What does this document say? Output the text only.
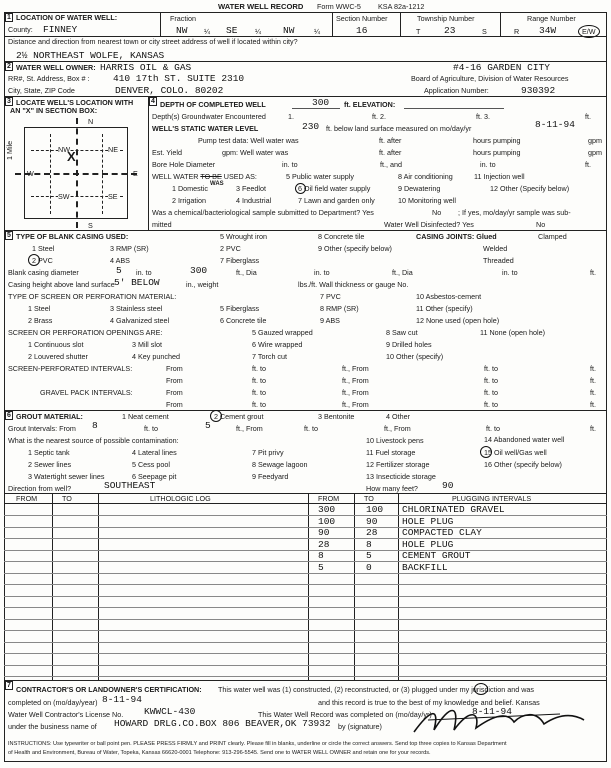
WATER WELL RECORD Form WWC-5 KSA 82a-1212
1 LOCATION OF WATER WELL:
County: FINNEY
Fraction
NW ¼ SE ¼ NW	¼
Section Number
16
Township Number
T 23	S
Range Number
R 34W	E/W
Distance and direction from nearest town or city street address of well if located within city?
2½ NORTHEAST WOLFE, KANSAS
2 WATER WELL OWNER: HARRIS OIL & GAS	#4-16 GARDEN CITY
RR#, St. Address, Box # : 410 17th ST. SUITE 2310	Board of Agriculture, Division of Water Resources
City, State, ZIP Code	DENVER, COLO. 80202	Application Number:	930392
3 LOCATE WELL'S LOCATION WITH
AN "X" IN SECTION BOX:
N
S
W	E
NW	NE
SW	SE
X
1 Mile
4 DEPTH OF COMPLETED WELL	300 ft. ELEVATION:
Depth(s) Groundwater Encountered	1.	ft. 2.	ft. 3.	ft.
WELL'S STATIC WATER LEVEL	230 ft. below land surface measured on mo/day/yr	8-11-94
Pump test data: Well water was	ft. after	hours pumping	gpm
Est. Yield	gpm: Well water was	ft. after	hours pumping	gpm
Bore Hole Diameter	in. to	ft., and	in. to	ft.
WELL WATER TO BE USED AS:
WAS
5 Public water supply
6 Oil field water supply
8 Air conditioning	11 Injection well
1 Domestic	3 Feedlot	9 Dewatering	12 Other (Specify below)
2 Irrigation	4 Industrial	7 Lawn and garden only	10 Monitoring well
Was a chemical/bacteriological sample submitted to Department? Yes	No ; If yes, mo/day/yr sample was sub-
mitted	Water Well Disinfected? Yes	No
5 TYPE OF BLANK CASING USED:	5 Wrought iron	8 Concrete tile	CASING JOINTS: Glued	Clamped
1 Steel	3 RMP (SR)	2 PVC	9 Other (specify below)	Welded
2 PVC	4 ABS	7 Fiberglass	Threaded
Blank casing diameter	5 in. to	300	ft., Dia	in. to	ft., Dia	in. to	ft.
Casing height above land surface 5' BELOW	in., weight	lbs./ft. Wall thickness or gauge No.
TYPE OF SCREEN OR PERFORATION MATERIAL:	7 PVC	10 Asbestos-cement
1 Steel	3 Stainless steel	5 Fiberglass	8 RMP (SR)	11 Other (specify)
2 Brass	4 Galvanized steel	6 Concrete tile	9 ABS	12 None used (open hole)
SCREEN OR PERFORATION OPENINGS ARE:	5 Gauzed wrapped	8 Saw cut	11 None (open hole)
1 Continuous slot	3 Mill slot	6 Wire wrapped	9 Drilled holes
2 Louvered shutter	4 Key punched	7 Torch cut	10 Other (specify)
SCREEN-PERFORATED INTERVALS:	From	ft. to	ft., From	ft. to	ft.
From	ft. to	ft., From	ft. to	ft.
GRAVEL PACK INTERVALS:	From	ft. to	ft., From	ft. to	ft.
From	ft. to	ft., From	ft. to	ft.
6 GROUT MATERIAL:	1 Neat cement	2 Cement grout	3 Bentonite	4 Other
Grout Intervals: From 8	ft. to	5	ft., From	ft. to	ft., From	ft. to	ft.
What is the nearest source of possible contamination:	10 Livestock pens	14 Abandoned water well
1 Septic tank	4 Lateral lines	7 Pit privy	11 Fuel storage	15 Oil well/Gas well
2 Sewer lines	5 Cess pool	8 Sewage lagoon	12 Fertilizer storage	16 Other (specify below)
3 Watertight sewer lines	6 Seepage pit	9 Feedyard	13 Insecticide storage
Direction from well?	SOUTHEAST	How many feet?	90
FROM	TO	LITHOLOGIC LOG	FROM	TO	PLUGGING INTERVALS
300	100 CHLORINATED GRAVEL
100	90	HOLE PLUG
90	28	COMPACTED CLAY
28	8	HOLE PLUG
8	5	CEMENT GROUT
5	0	BACKFILL
7 CONTRACTOR'S OR LANDOWNER'S CERTIFICATION: This water well was (1) constructed, (2) reconstructed, or (3) plugged under my jurisdiction and was
completed on (mo/day/year) 8-11-94	and this record is true to the best of my knowledge and belief. Kansas
Water Well Contractor's License No. KWWCL-430	This Water Well Record was completed on (mo/day/yr)	8-11-94
under the business name of HOWARD DRLG.CO.BOX 806 BEAVER,OK 73932 by (signature)
INSTRUCTIONS: Use typewriter or ball point pen. PLEASE PRESS FIRMLY and PRINT clearly. Please fill in blanks, underline or circle the correct answers. Send top three copies to Kansas Department
of Health and Environment, Bureau of Water, Topeka, Kansas 66620-0001 Telephone: 913-296-5545. Send one to WATER WELL OWNER and retain one for your records.
